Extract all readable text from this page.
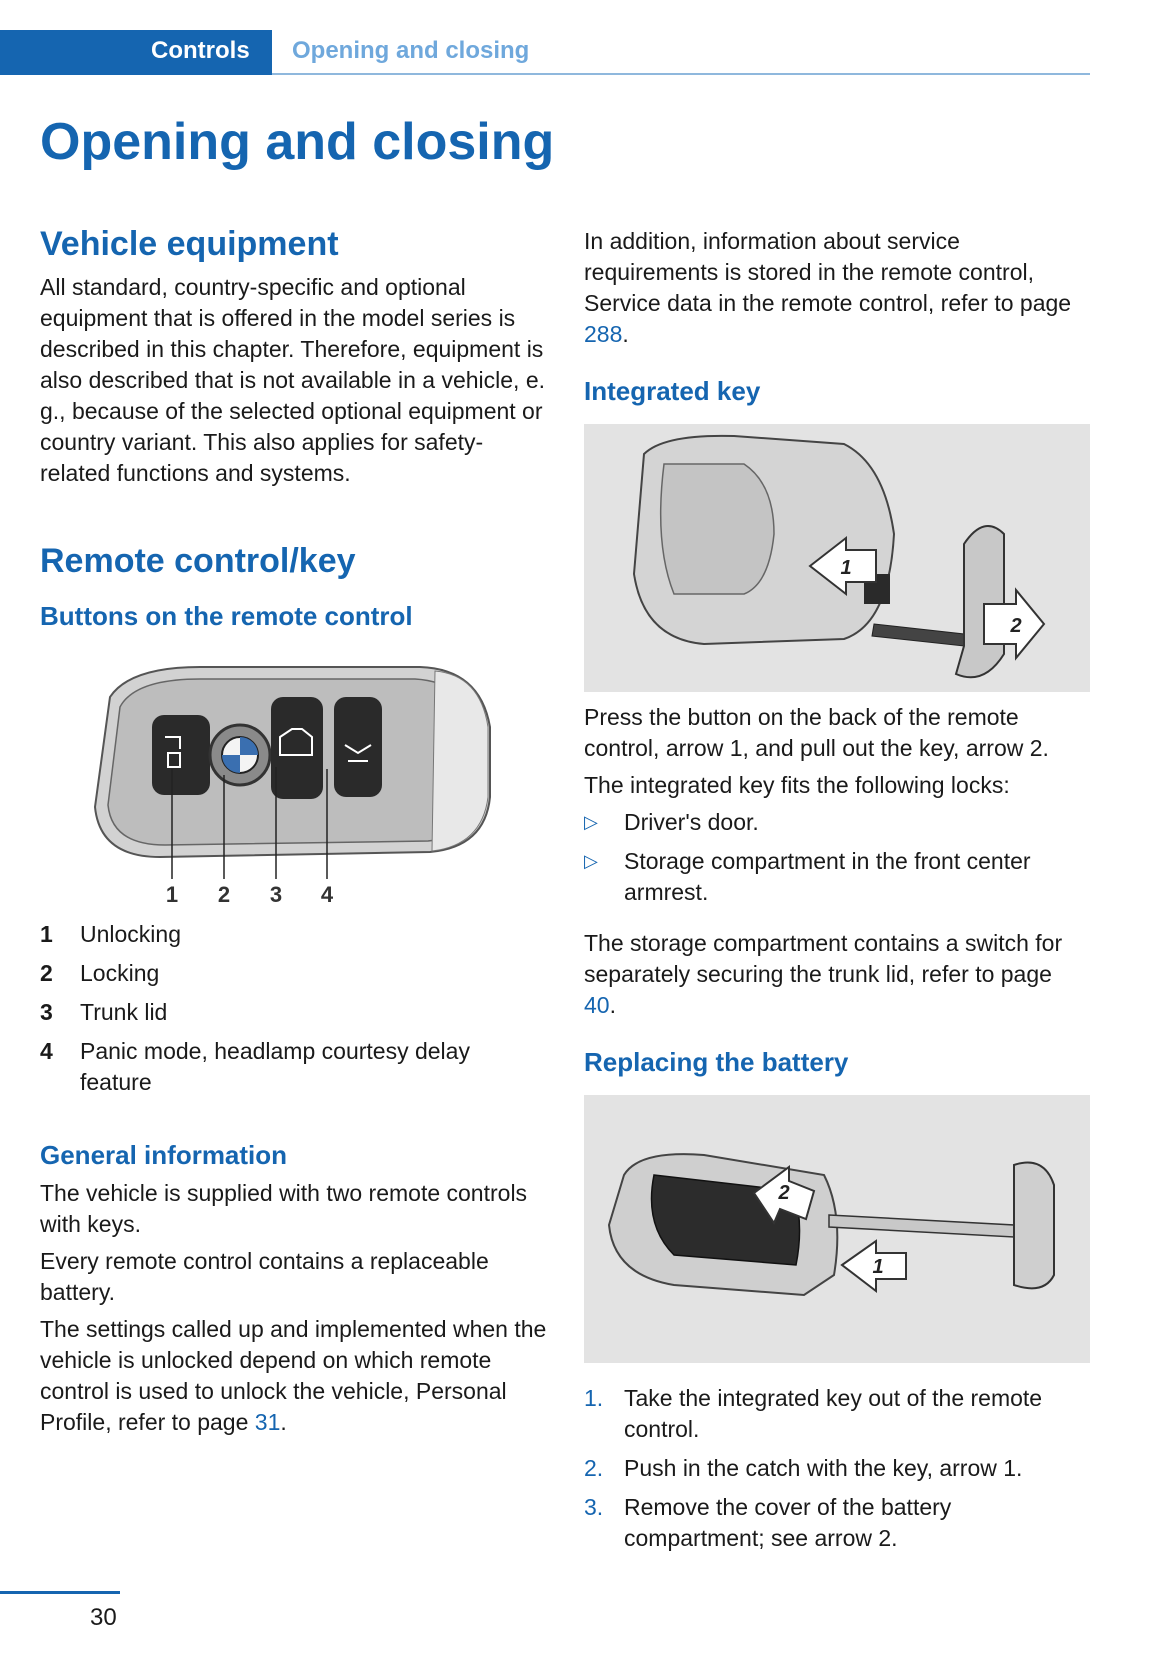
Controls Opening and closing
Opening and closing
Vehicle equipment

All standard, country-specific and optional equipment that is offered in the model series is described in this chapter. Therefore, equipment is also described that is not available in a vehicle, e. g., because of the selected optional equipment or country variant. This also applies for safety-related functions and systems.

Remote control/key
Buttons on the remote control
1 2 3 4
1	Unlocking
2	Locking
3	Trunk lid
4	Panic mode, headlamp courtesy delay feature
General information

The vehicle is supplied with two remote controls with keys.

Every remote control contains a replaceable battery.

The settings called up and implemented when the vehicle is unlocked depend on which remote control is used to unlock the vehicle, Personal Profile, refer to page 31.

In addition, information about service requirements is stored in the remote control, Service data in the remote control, refer to page 288.

Integrated key
1
2

Press the button on the back of the remote control, arrow 1, and pull out the key, arrow 2.

The integrated key fits the following locks:

▷	Driver's door.
▷	Storage compartment in the front center armrest.

The storage compartment contains a switch for separately securing the trunk lid, refer to page 40.

Replacing the battery
2
1
1. Take the integrated key out of the remote control.
2. Push in the catch with the key, arrow 1.
3. Remove the cover of the battery compartment; see arrow 2.
30
